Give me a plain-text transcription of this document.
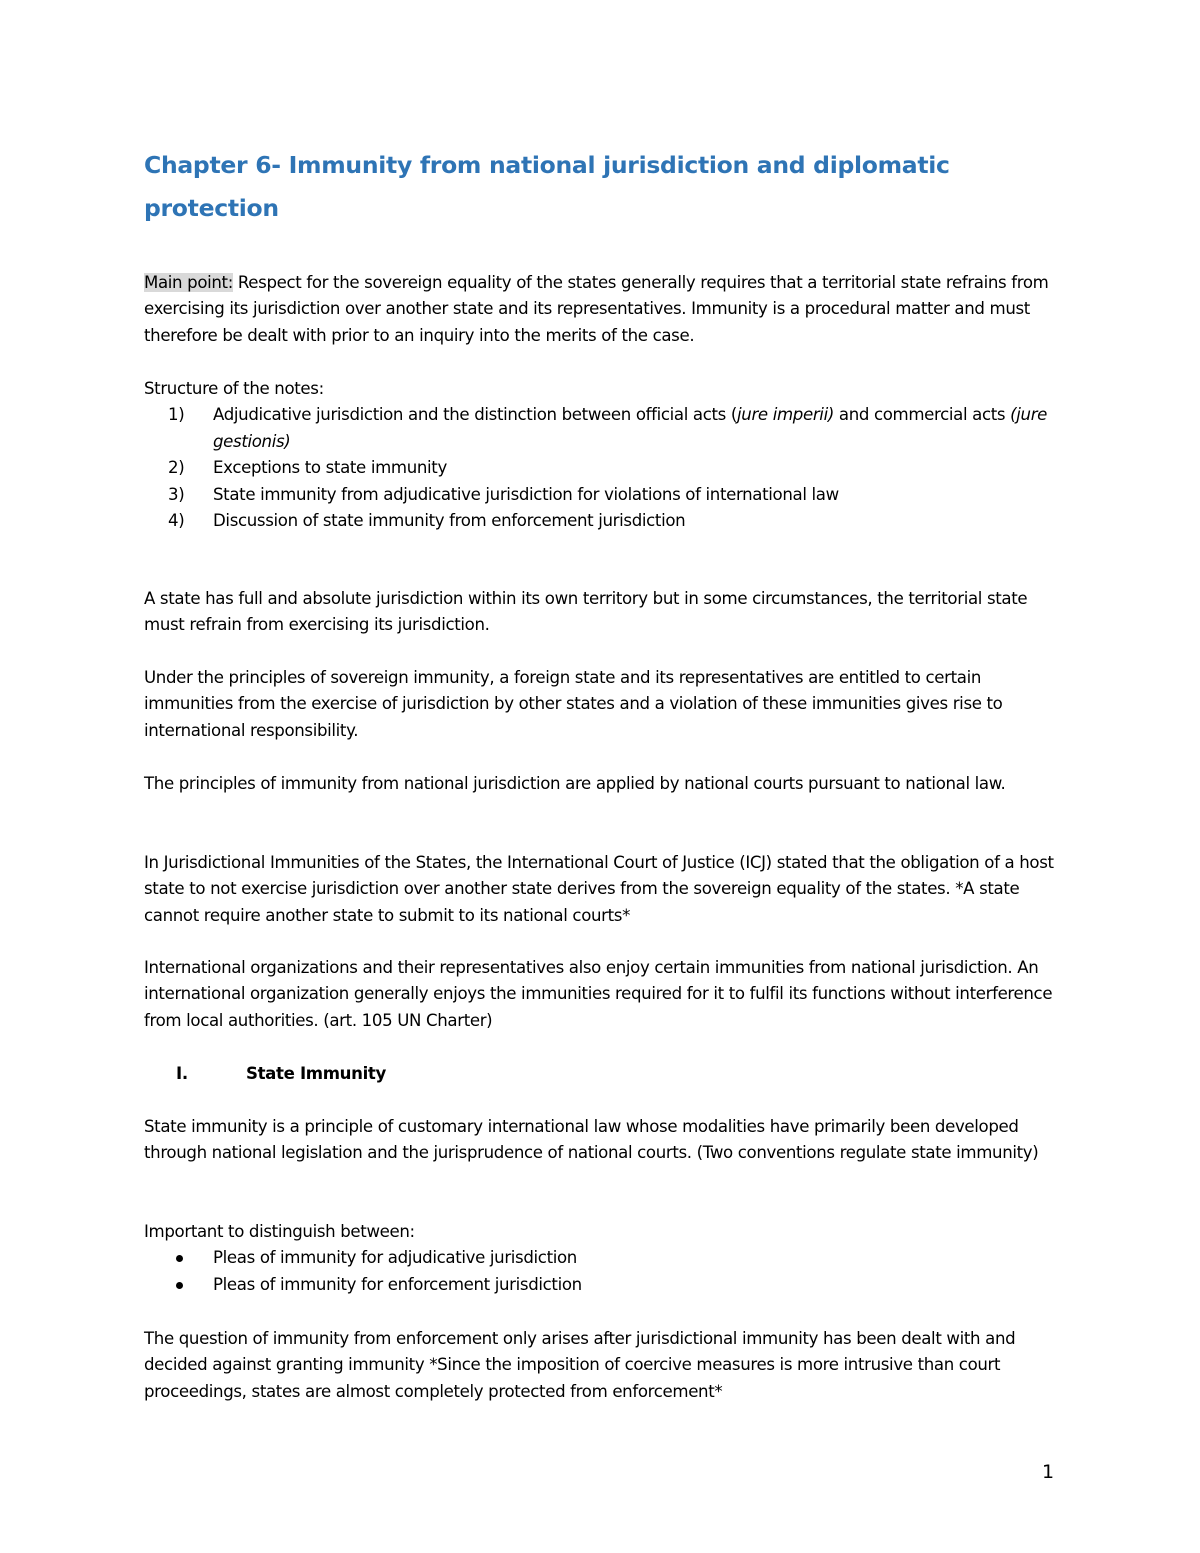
Chapter 6- Immunity from national jurisdiction and diplomatic protection

Main point: Respect for the sovereign equality of the states generally requires that a territorial state refrains from exercising its jurisdiction over another state and its representatives. Immunity is a procedural matter and must therefore be dealt with prior to an inquiry into the merits of the case.

Structure of the notes:

1) Adjudicative jurisdiction and the distinction between official acts (jure imperii) and commercial acts (jure gestionis)
2) Exceptions to state immunity
3) State immunity from adjudicative jurisdiction for violations of international law
4) Discussion of state immunity from enforcement jurisdiction

A state has full and absolute jurisdiction within its own territory but in some circumstances, the territorial state must refrain from exercising its jurisdiction.

Under the principles of sovereign immunity, a foreign state and its representatives are entitled to certain immunities from the exercise of jurisdiction by other states and a violation of these immunities gives rise to international responsibility.

The principles of immunity from national jurisdiction are applied by national courts pursuant to national law.

In Jurisdictional Immunities of the States, the International Court of Justice (ICJ) stated that the obligation of a host state to not exercise jurisdiction over another state derives from the sovereign equality of the states. *A state cannot require another state to submit to its national courts*

International organizations and their representatives also enjoy certain immunities from national jurisdiction. An international organization generally enjoys the immunities required for it to fulfil its functions without interference from local authorities. (art. 105 UN Charter)

I.	State Immunity

State immunity is a principle of customary international law whose modalities have primarily been developed through national legislation and the jurisprudence of national courts. (Two conventions regulate state immunity)

Important to distinguish between:

Pleas of immunity for adjudicative jurisdiction
Pleas of immunity for enforcement jurisdiction

The question of immunity from enforcement only arises after jurisdictional immunity has been dealt with and decided against granting immunity *Since the imposition of coercive measures is more intrusive than court proceedings, states are almost completely protected from enforcement*

1
